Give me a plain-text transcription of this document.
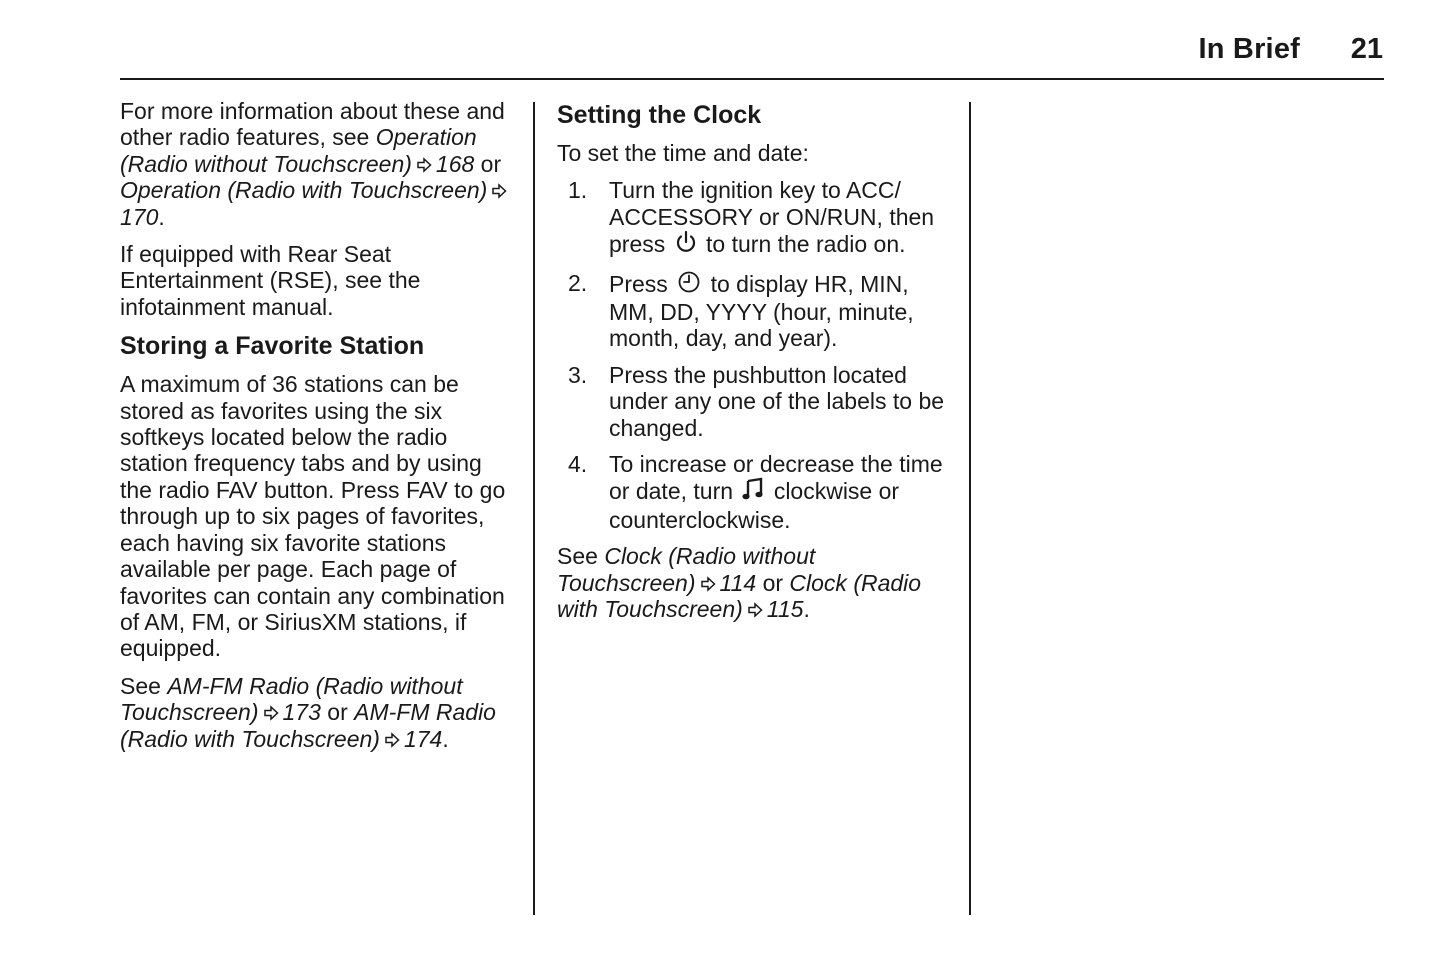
In Brief 21

For more information about these and other radio features, see Operation (Radio without Touchscreen) 168 or Operation (Radio with Touchscreen)
170.

If equipped with Rear Seat Entertainment (RSE), see the infotainment manual.

Storing a Favorite Station

A maximum of 36 stations can be stored as favorites using the six softkeys located below the radio station frequency tabs and by using the radio FAV button. Press FAV to go through up to six pages of favorites, each having six favorite stations available per page. Each page of favorites can contain any combination of AM, FM, or SiriusXM stations, if equipped.

See AM-FM Radio (Radio without Touchscreen) 173 or AM-FM Radio (Radio with Touchscreen) 174.

Setting the Clock

To set the time and date:

1. Turn the ignition key to ACC/ ACCESSORY or ON/RUN, then press to turn the radio on.
2. Press to display HR, MIN, MM, DD, YYYY (hour, minute, month, day, and year).
3. Press the pushbutton located under any one of the labels to be changed.
4. To increase or decrease the time or date, turn clockwise or counterclockwise.

See Clock (Radio without Touchscreen) 114 or Clock (Radio with Touchscreen) 115.
